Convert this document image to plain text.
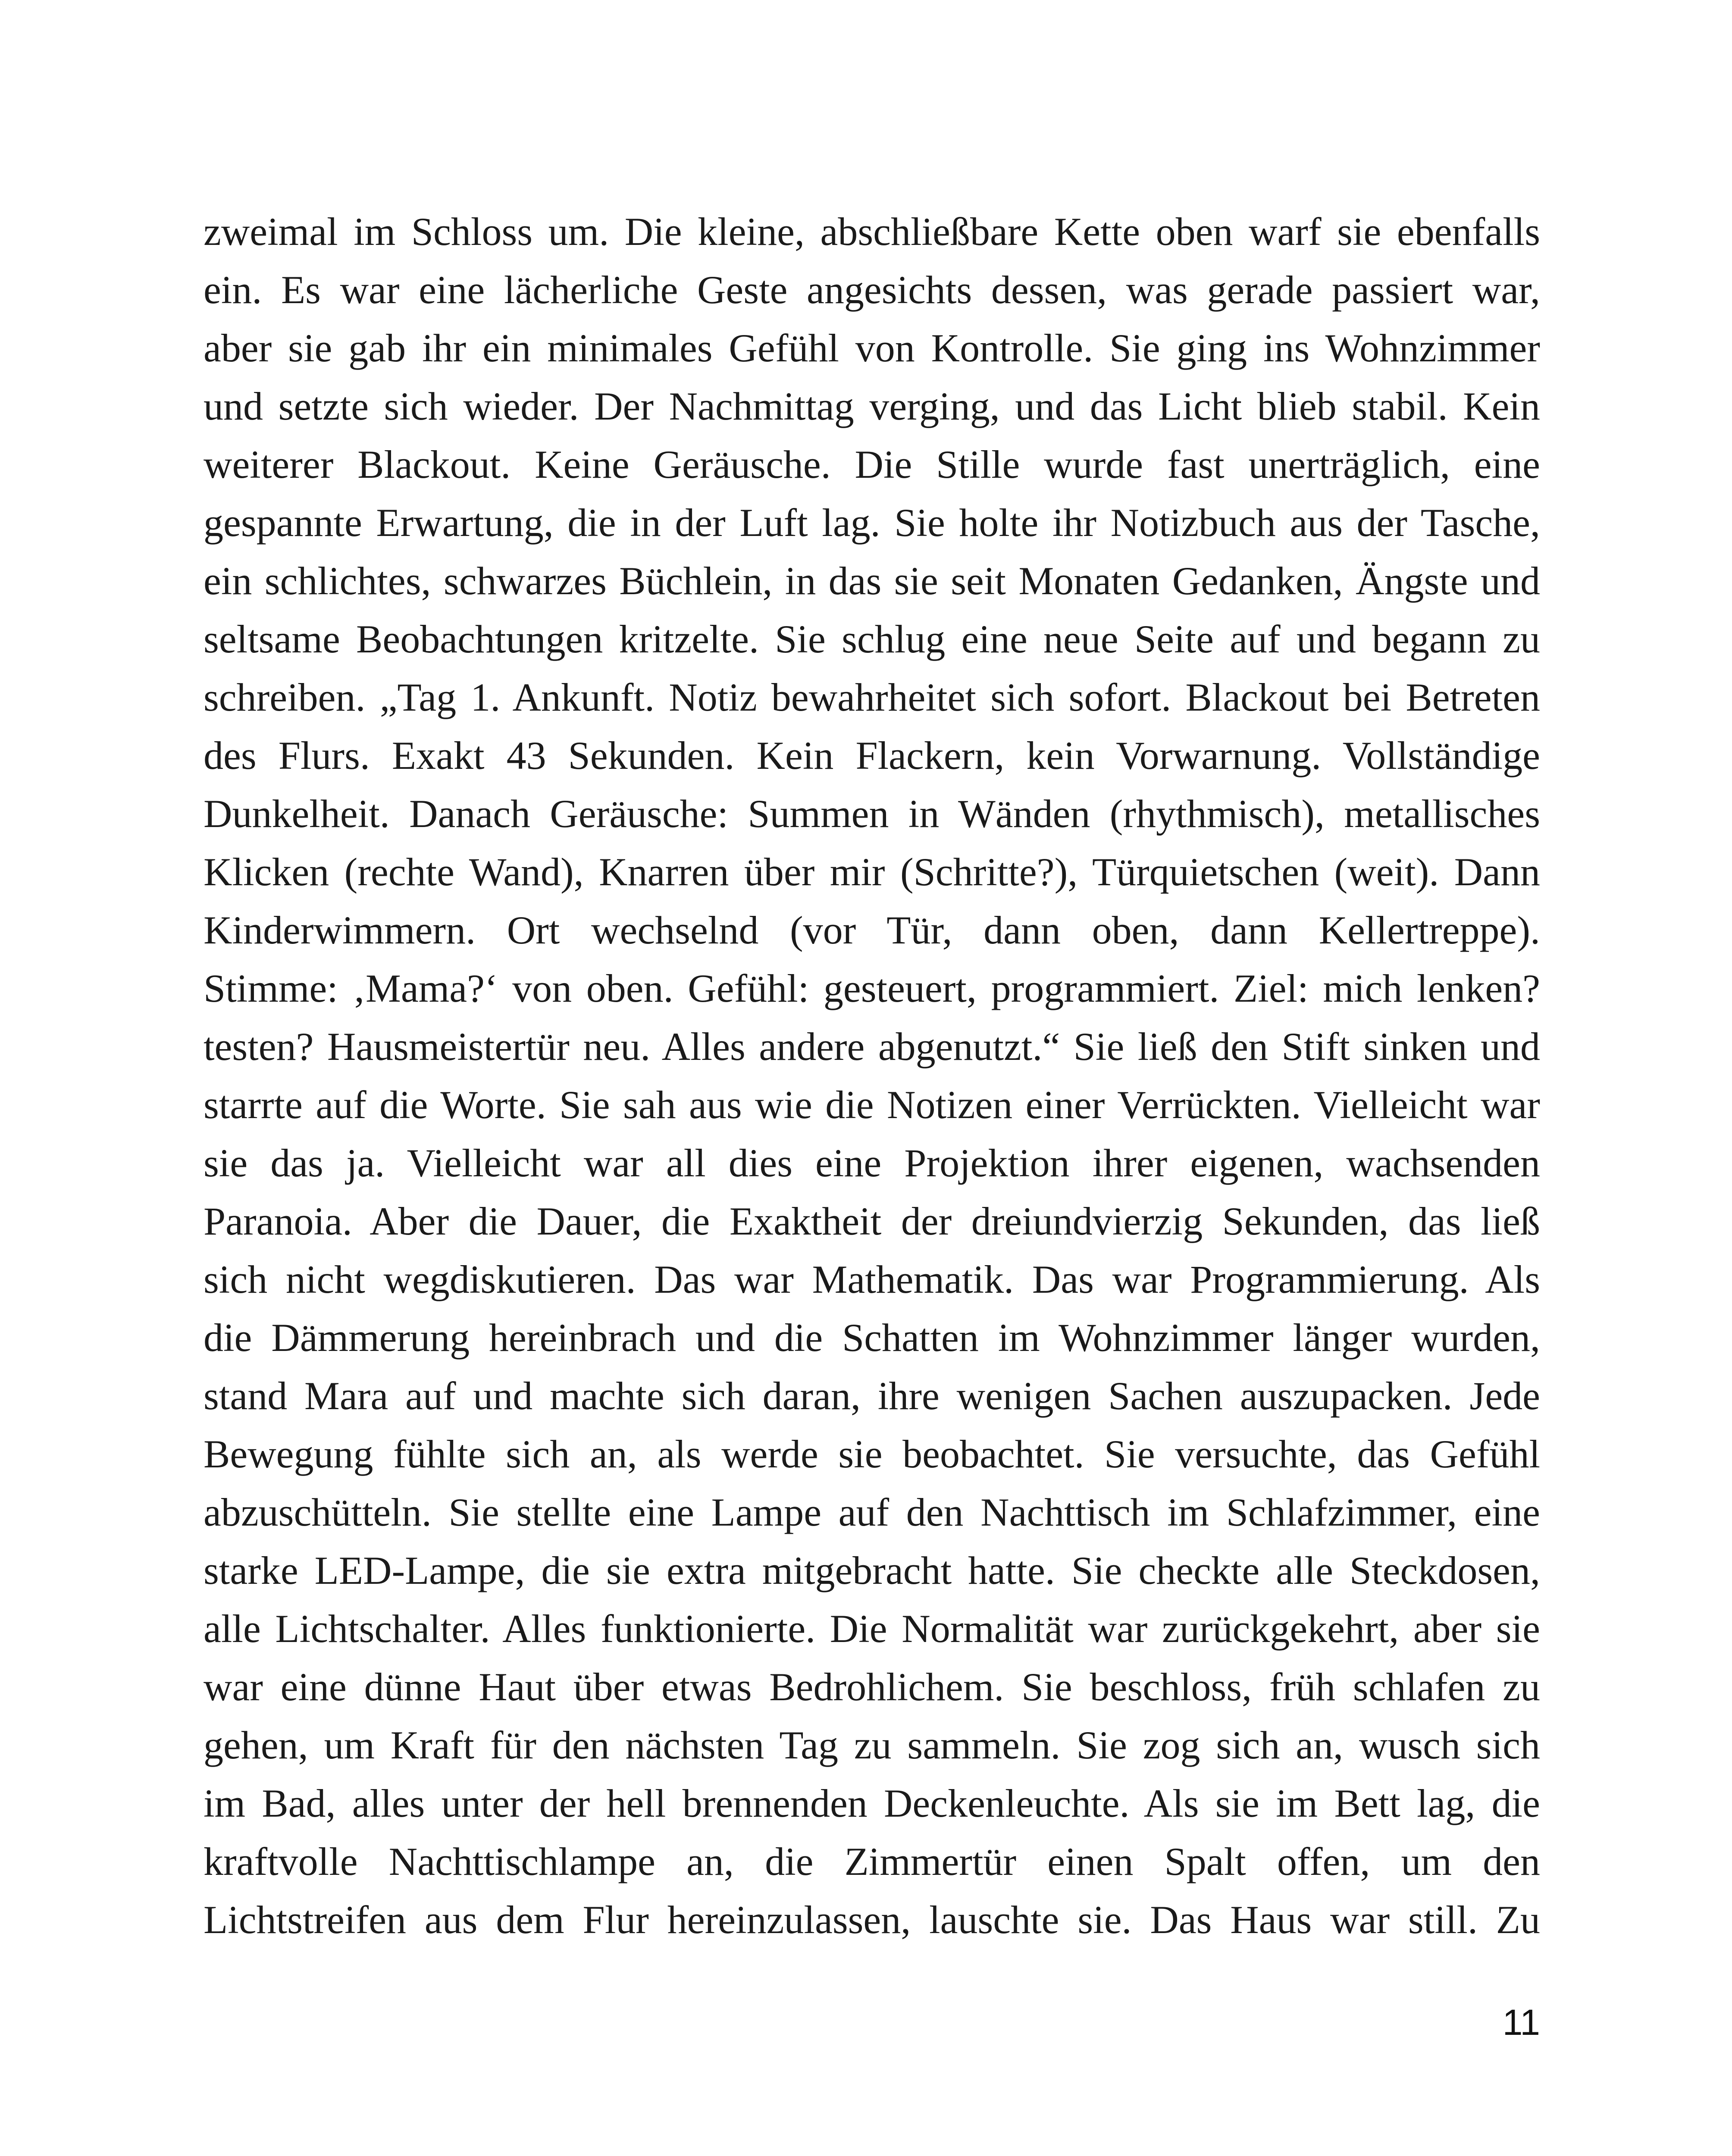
zweimal im Schloss um. Die kleine, abschließbare Kette oben warf sie ebenfalls
ein. Es war eine lächerliche Geste angesichts dessen, was gerade passiert war,
aber sie gab ihr ein minimales Gefühl von Kontrolle. Sie ging ins Wohnzimmer
und setzte sich wieder. Der Nachmittag verging, und das Licht blieb stabil. Kein
weiterer Blackout. Keine Geräusche. Die Stille wurde fast unerträglich, eine
gespannte Erwartung, die in der Luft lag. Sie holte ihr Notizbuch aus der Tasche,
ein schlichtes, schwarzes Büchlein, in das sie seit Monaten Gedanken, Ängste und
seltsame Beobachtungen kritzelte. Sie schlug eine neue Seite auf und begann zu
schreiben. „Tag 1. Ankunft. Notiz bewahrheitet sich sofort. Blackout bei Betreten
des Flurs. Exakt 43 Sekunden. Kein Flackern, kein Vorwarnung. Vollständige
Dunkelheit. Danach Geräusche: Summen in Wänden (rhythmisch), metallisches
Klicken (rechte Wand), Knarren über mir (Schritte?), Türquietschen (weit). Dann
Kinderwimmern. Ort wechselnd (vor Tür, dann oben, dann Kellertreppe).
Stimme: ‚Mama?‘ von oben. Gefühl: gesteuert, programmiert. Ziel: mich lenken?
testen? Hausmeistertür neu. Alles andere abgenutzt.“ Sie ließ den Stift sinken und
starrte auf die Worte. Sie sah aus wie die Notizen einer Verrückten. Vielleicht war
sie das ja. Vielleicht war all dies eine Projektion ihrer eigenen, wachsenden
Paranoia. Aber die Dauer, die Exaktheit der dreiundvierzig Sekunden, das ließ
sich nicht wegdiskutieren. Das war Mathematik. Das war Programmierung. Als
die Dämmerung hereinbrach und die Schatten im Wohnzimmer länger wurden,
stand Mara auf und machte sich daran, ihre wenigen Sachen auszupacken. Jede
Bewegung fühlte sich an, als werde sie beobachtet. Sie versuchte, das Gefühl
abzuschütteln. Sie stellte eine Lampe auf den Nachttisch im Schlafzimmer, eine
starke LED-Lampe, die sie extra mitgebracht hatte. Sie checkte alle Steckdosen,
alle Lichtschalter. Alles funktionierte. Die Normalität war zurückgekehrt, aber sie
war eine dünne Haut über etwas Bedrohlichem. Sie beschloss, früh schlafen zu
gehen, um Kraft für den nächsten Tag zu sammeln. Sie zog sich an, wusch sich
im Bad, alles unter der hell brennenden Deckenleuchte. Als sie im Bett lag, die
kraftvolle Nachttischlampe an, die Zimmertür einen Spalt offen, um den
Lichtstreifen aus dem Flur hereinzulassen, lauschte sie. Das Haus war still. Zu
11
